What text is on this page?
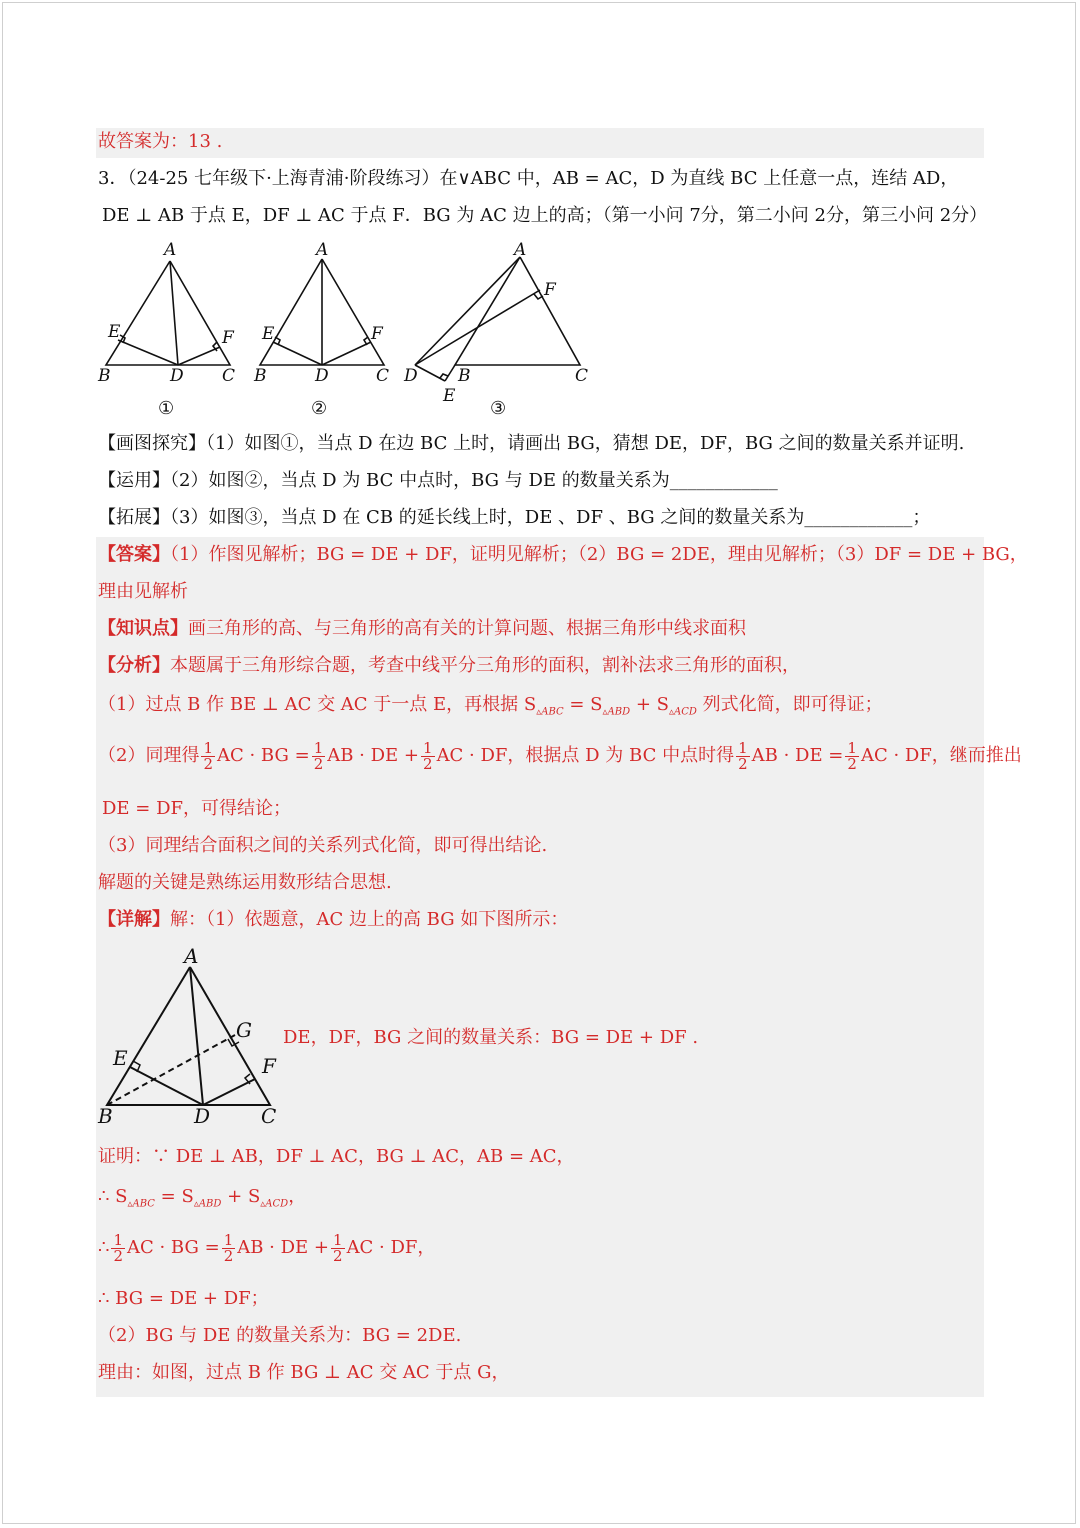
故答案为：13 .
3．（24-25 七年级下·上海青浦·阶段练习）在∨ABC 中，AB = AC，D 为直线 BC 上任意一点，连结 AD，
DE ⊥ AB 于点 E，DF ⊥ AC 于点 F．BG 为 AC 边上的高；（第一小问 7分，第二小问 2分，第三小问 2分）
A
E	F
B	D C
A
E	F
B	D	C
A
F
D B	C
E
①	②	③
【画图探究】（1）如图①，当点 D 在边 BC 上时，请画出 BG，猜想 DE，DF，BG 之间的数量关系并证明.
【运用】（2）如图②，当点 D 为 BC 中点时，BG 与 DE 的数量关系为____________
【拓展】（3）如图③，当点 D 在 CB 的延长线上时，DE 、DF 、BG 之间的数量关系为____________；
【答案】（1）作图见解析；BG = DE + DF，证明见解析；（2）BG = 2DE，理由见解析；（3）DF = DE + BG，
理由见解析
【知识点】画三角形的高、与三角形的高有关的计算问题、根据三角形中线求面积
【分析】本题属于三角形综合题，考查中线平分三角形的面积，割补法求三角形的面积，
（1）过点 B 作 BE ⊥ AC 交 AC 于一点 E，再根据 $S_{▵ABC} = S_{▵ABD} + S_{▵ACD}$ 列式化简，即可得证；
（2）同理得 $\frac{1}{2}$ AC · BG = $\frac{1}{2}$ AB · DE + $\frac{1}{2}$ AC · DF，根据点 D 为 BC 中点时得 $\frac{1}{2}$ AB · DE = $\frac{1}{2}$ AC · DF，继而推出
DE = DF，可得结论；
（3）同理结合面积之间的关系列式化简，即可得出结论.
解题的关键是熟练运用数形结合思想.
【详解】解：（1）依题意，AC 边上的高 BG 如下图所示：
A
G
E	F
B	D	C
DE，DF，BG 之间的数量关系：BG = DE + DF .
证明：∵ DE ⊥ AB，DF ⊥ AC，BG ⊥ AC，AB = AC，
∴ $S_{▵ABC} = S_{▵ABD} + S_{▵ACD}$，
∴ $\frac{1}{2}$ AC · BG = $\frac{1}{2}$ AB · DE + $\frac{1}{2}$ AC · DF，
∴ BG = DE + DF；
（2）BG 与 DE 的数量关系为：BG = 2DE.
理由：如图，过点 B 作 BG ⊥ AC 交 AC 于点 G，
